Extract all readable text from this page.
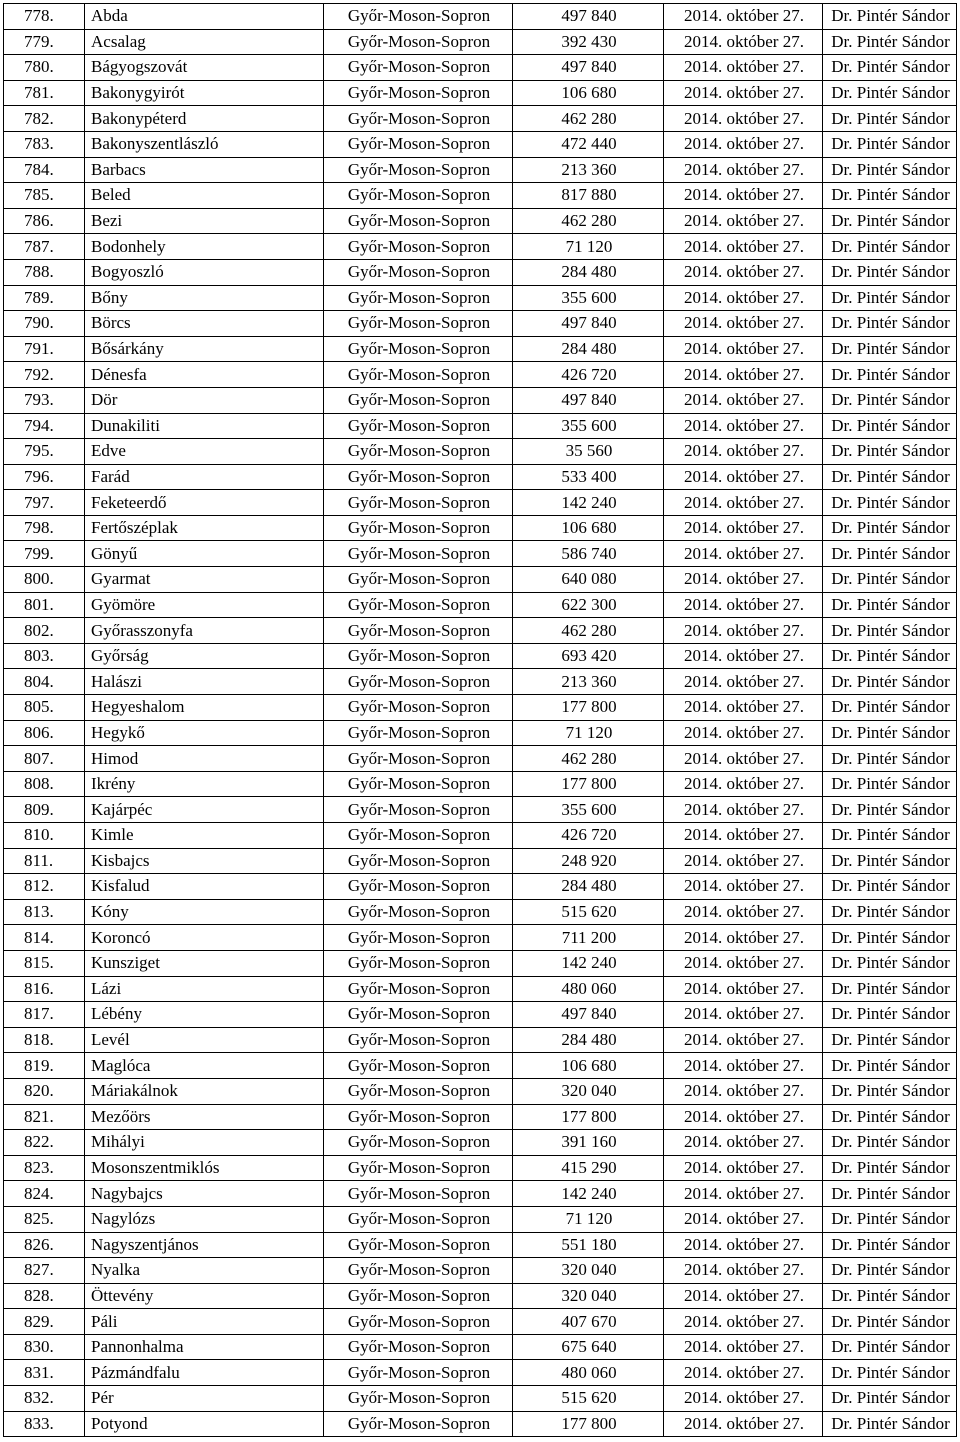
778.	Abda	Győr-Moson-Sopron	497 840	2014. október 27.	Dr. Pintér Sándor
779.	Acsalag	Győr-Moson-Sopron	392 430	2014. október 27.	Dr. Pintér Sándor
780.	Bágyogszovát	Győr-Moson-Sopron	497 840	2014. október 27.	Dr. Pintér Sándor
781.	Bakonygyirót	Győr-Moson-Sopron	106 680	2014. október 27.	Dr. Pintér Sándor
782.	Bakonypéterd	Győr-Moson-Sopron	462 280	2014. október 27.	Dr. Pintér Sándor
783.	Bakonyszentlászló	Győr-Moson-Sopron	472 440	2014. október 27.	Dr. Pintér Sándor
784.	Barbacs	Győr-Moson-Sopron	213 360	2014. október 27.	Dr. Pintér Sándor
785.	Beled	Győr-Moson-Sopron	817 880	2014. október 27.	Dr. Pintér Sándor
786.	Bezi	Győr-Moson-Sopron	462 280	2014. október 27.	Dr. Pintér Sándor
787.	Bodonhely	Győr-Moson-Sopron	71 120	2014. október 27.	Dr. Pintér Sándor
788.	Bogyoszló	Győr-Moson-Sopron	284 480	2014. október 27.	Dr. Pintér Sándor
789.	Bőny	Győr-Moson-Sopron	355 600	2014. október 27.	Dr. Pintér Sándor
790.	Börcs	Győr-Moson-Sopron	497 840	2014. október 27.	Dr. Pintér Sándor
791.	Bősárkány	Győr-Moson-Sopron	284 480	2014. október 27.	Dr. Pintér Sándor
792.	Dénesfa	Győr-Moson-Sopron	426 720	2014. október 27.	Dr. Pintér Sándor
793.	Dör	Győr-Moson-Sopron	497 840	2014. október 27.	Dr. Pintér Sándor
794.	Dunakiliti	Győr-Moson-Sopron	355 600	2014. október 27.	Dr. Pintér Sándor
795.	Edve	Győr-Moson-Sopron	35 560	2014. október 27.	Dr. Pintér Sándor
796.	Farád	Győr-Moson-Sopron	533 400	2014. október 27.	Dr. Pintér Sándor
797.	Feketeerdő	Győr-Moson-Sopron	142 240	2014. október 27.	Dr. Pintér Sándor
798.	Fertőszéplak	Győr-Moson-Sopron	106 680	2014. október 27.	Dr. Pintér Sándor
799.	Gönyű	Győr-Moson-Sopron	586 740	2014. október 27.	Dr. Pintér Sándor
800.	Gyarmat	Győr-Moson-Sopron	640 080	2014. október 27.	Dr. Pintér Sándor
801.	Gyömöre	Győr-Moson-Sopron	622 300	2014. október 27.	Dr. Pintér Sándor
802.	Győrasszonyfa	Győr-Moson-Sopron	462 280	2014. október 27.	Dr. Pintér Sándor
803.	Győrság	Győr-Moson-Sopron	693 420	2014. október 27.	Dr. Pintér Sándor
804.	Halászi	Győr-Moson-Sopron	213 360	2014. október 27.	Dr. Pintér Sándor
805.	Hegyeshalom	Győr-Moson-Sopron	177 800	2014. október 27.	Dr. Pintér Sándor
806.	Hegykő	Győr-Moson-Sopron	71 120	2014. október 27.	Dr. Pintér Sándor
807.	Himod	Győr-Moson-Sopron	462 280	2014. október 27.	Dr. Pintér Sándor
808.	Ikrény	Győr-Moson-Sopron	177 800	2014. október 27.	Dr. Pintér Sándor
809.	Kajárpéc	Győr-Moson-Sopron	355 600	2014. október 27.	Dr. Pintér Sándor
810.	Kimle	Győr-Moson-Sopron	426 720	2014. október 27.	Dr. Pintér Sándor
811.	Kisbajcs	Győr-Moson-Sopron	248 920	2014. október 27.	Dr. Pintér Sándor
812.	Kisfalud	Győr-Moson-Sopron	284 480	2014. október 27.	Dr. Pintér Sándor
813.	Kóny	Győr-Moson-Sopron	515 620	2014. október 27.	Dr. Pintér Sándor
814.	Koroncó	Győr-Moson-Sopron	711 200	2014. október 27.	Dr. Pintér Sándor
815.	Kunsziget	Győr-Moson-Sopron	142 240	2014. október 27.	Dr. Pintér Sándor
816.	Lázi	Győr-Moson-Sopron	480 060	2014. október 27.	Dr. Pintér Sándor
817.	Lébény	Győr-Moson-Sopron	497 840	2014. október 27.	Dr. Pintér Sándor
818.	Levél	Győr-Moson-Sopron	284 480	2014. október 27.	Dr. Pintér Sándor
819.	Maglóca	Győr-Moson-Sopron	106 680	2014. október 27.	Dr. Pintér Sándor
820.	Máriakálnok	Győr-Moson-Sopron	320 040	2014. október 27.	Dr. Pintér Sándor
821.	Mezőörs	Győr-Moson-Sopron	177 800	2014. október 27.	Dr. Pintér Sándor
822.	Mihályi	Győr-Moson-Sopron	391 160	2014. október 27.	Dr. Pintér Sándor
823.	Mosonszentmiklós	Győr-Moson-Sopron	415 290	2014. október 27.	Dr. Pintér Sándor
824.	Nagybajcs	Győr-Moson-Sopron	142 240	2014. október 27.	Dr. Pintér Sándor
825.	Nagylózs	Győr-Moson-Sopron	71 120	2014. október 27.	Dr. Pintér Sándor
826.	Nagyszentjános	Győr-Moson-Sopron	551 180	2014. október 27.	Dr. Pintér Sándor
827.	Nyalka	Győr-Moson-Sopron	320 040	2014. október 27.	Dr. Pintér Sándor
828.	Öttevény	Győr-Moson-Sopron	320 040	2014. október 27.	Dr. Pintér Sándor
829.	Páli	Győr-Moson-Sopron	407 670	2014. október 27.	Dr. Pintér Sándor
830.	Pannonhalma	Győr-Moson-Sopron	675 640	2014. október 27.	Dr. Pintér Sándor
831.	Pázmándfalu	Győr-Moson-Sopron	480 060	2014. október 27.	Dr. Pintér Sándor
832.	Pér	Győr-Moson-Sopron	515 620	2014. október 27.	Dr. Pintér Sándor
833.	Potyond	Győr-Moson-Sopron	177 800	2014. október 27.	Dr. Pintér Sándor
